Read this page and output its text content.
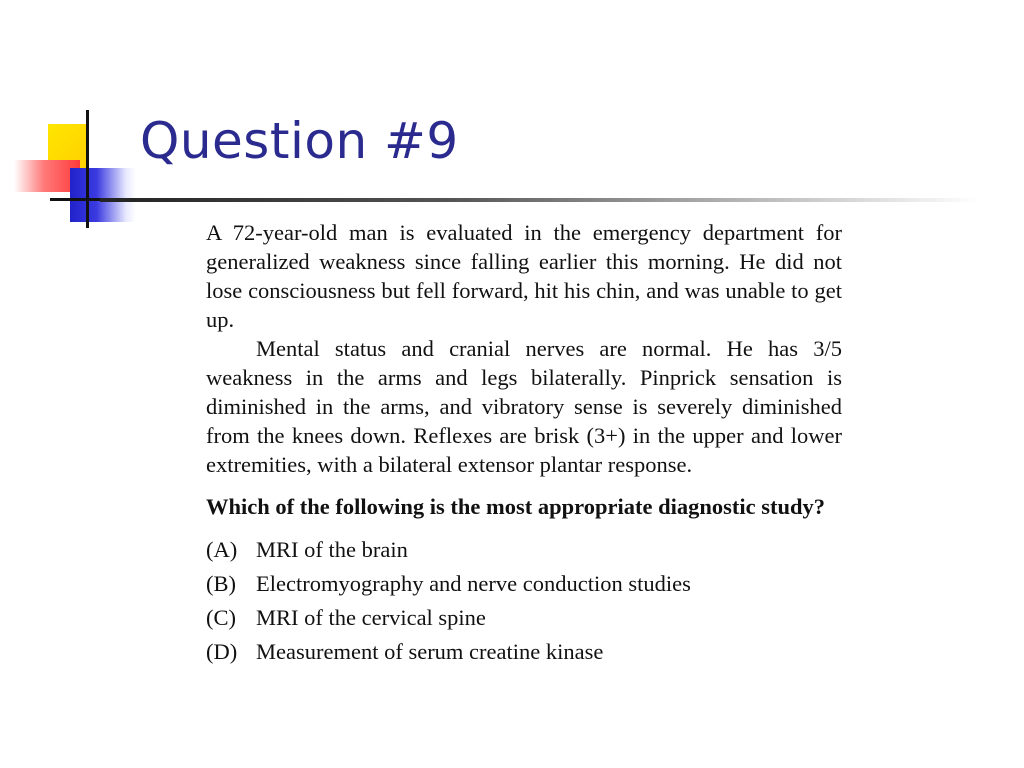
Question #9

A 72-year-old man is evaluated in the emergency department for generalized weakness since falling earlier this morning. He did not lose consciousness but fell forward, hit his chin, and was unable to get up.

Mental status and cranial nerves are normal. He has 3/5 weakness in the arms and legs bilaterally. Pinprick sensation is diminished in the arms, and vibratory sense is severely diminished from the knees down. Reflexes are brisk (3+) in the upper and lower extremities, with a bilateral extensor plantar response.

Which of the following is the most appropriate diagnostic study?

(A) MRI of the brain
(B) Electromyography and nerve conduction studies
(C) MRI of the cervical spine
(D) Measurement of serum creatine kinase
